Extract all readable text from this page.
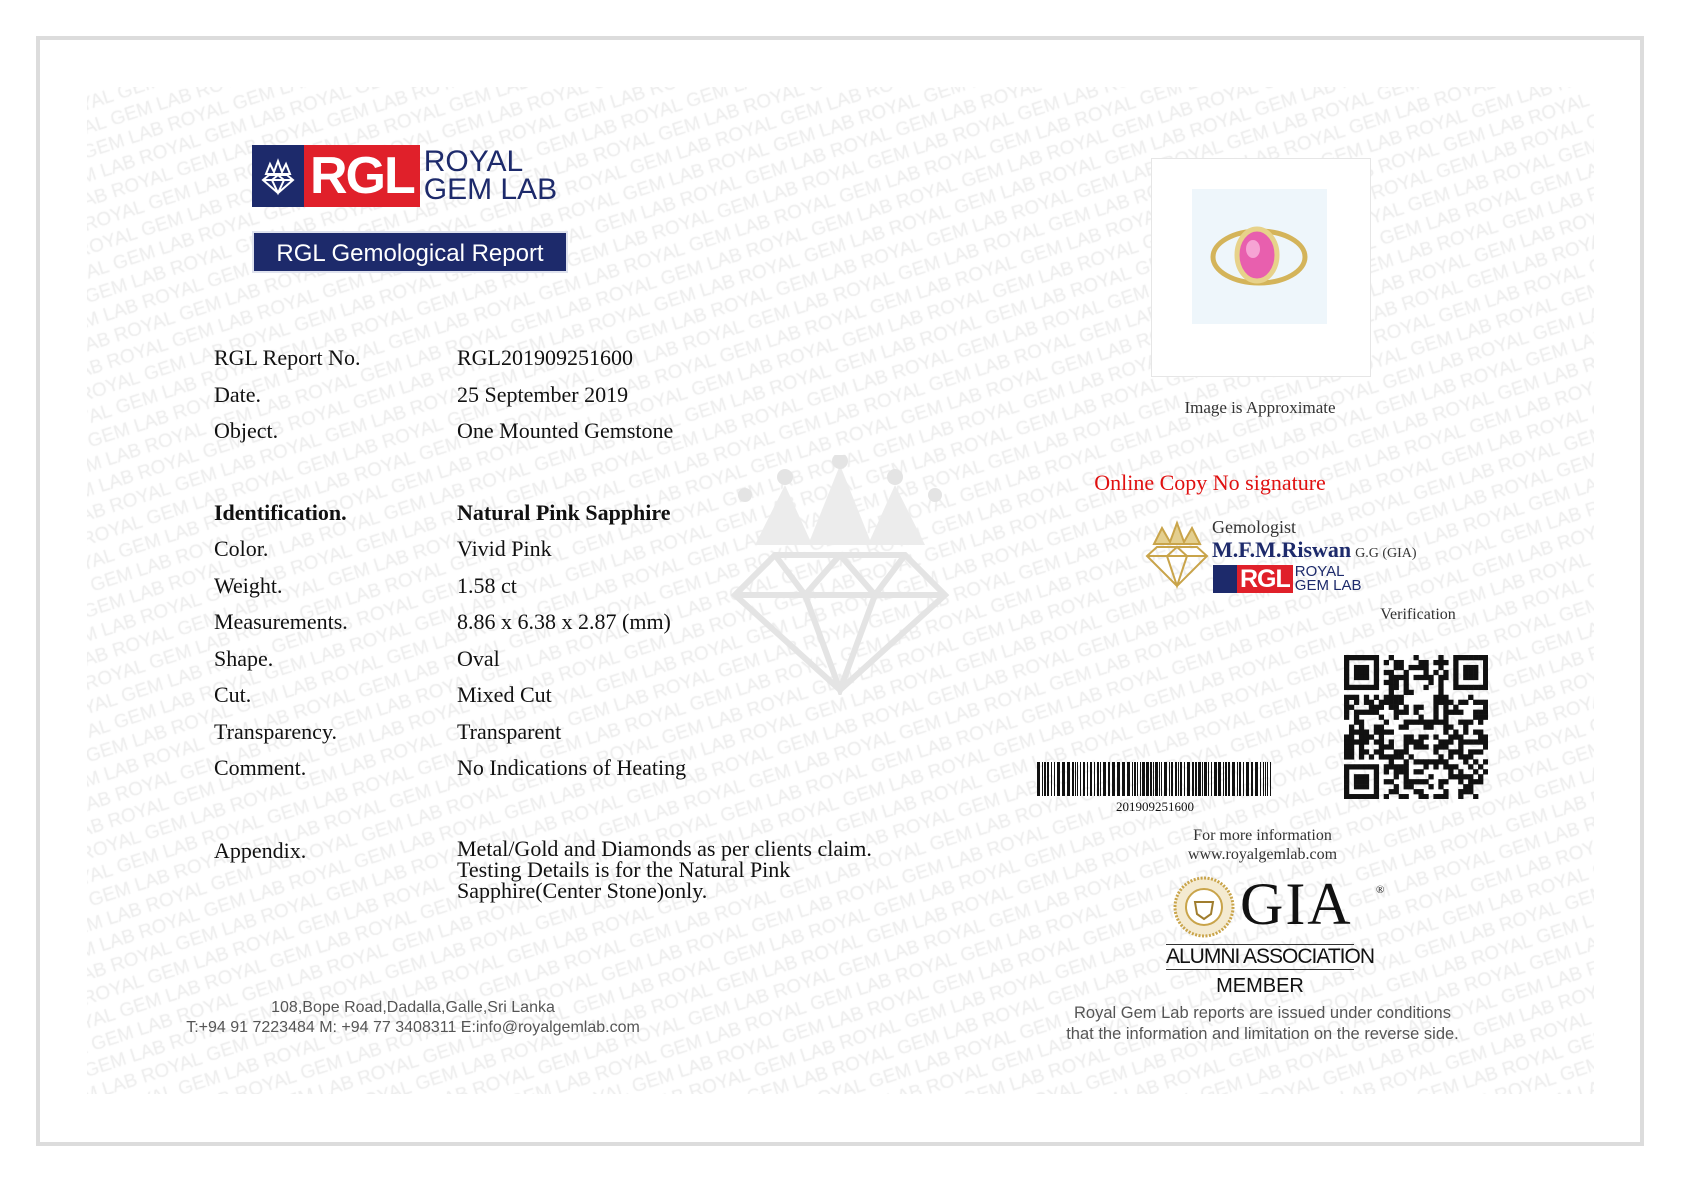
RGL ROYAL
GEM LAB
RGL Gemological Report
RGL Report No.	RGL201909251600
Date.	25 September 2019
Object.	One Mounted Gemstone
Identification.	Natural Pink Sapphire
Color.	Vivid Pink
Weight.	1.58 ct
Measurements.	8.86 x 6.38 x 2.87 (mm)
Shape.	Oval
Cut.	Mixed Cut
Transparency.	Transparent
Comment.	No Indications of Heating
Appendix.	Metal/Gold and Diamonds as per clients claim. Testing Details is for the Natural Pink Sapphire(Center Stone)only.
Image is Approximate
Online Copy No signature
Gemologist
M.F.M.Riswan G.G (GIA)
RGL ROYAL
GEM LAB
Verification
201909251600
For more information
www.royalgemlab.com
GIA ®
ALUMNI ASSOCIATION
MEMBER
Royal Gem Lab reports are issued under conditions
that the information and limitation on the reverse side.
108,Bope Road,Dadalla,Galle,Sri Lanka
T:+94 91 7223484 M: +94 77 3408311 E:info@royalgemlab.com
